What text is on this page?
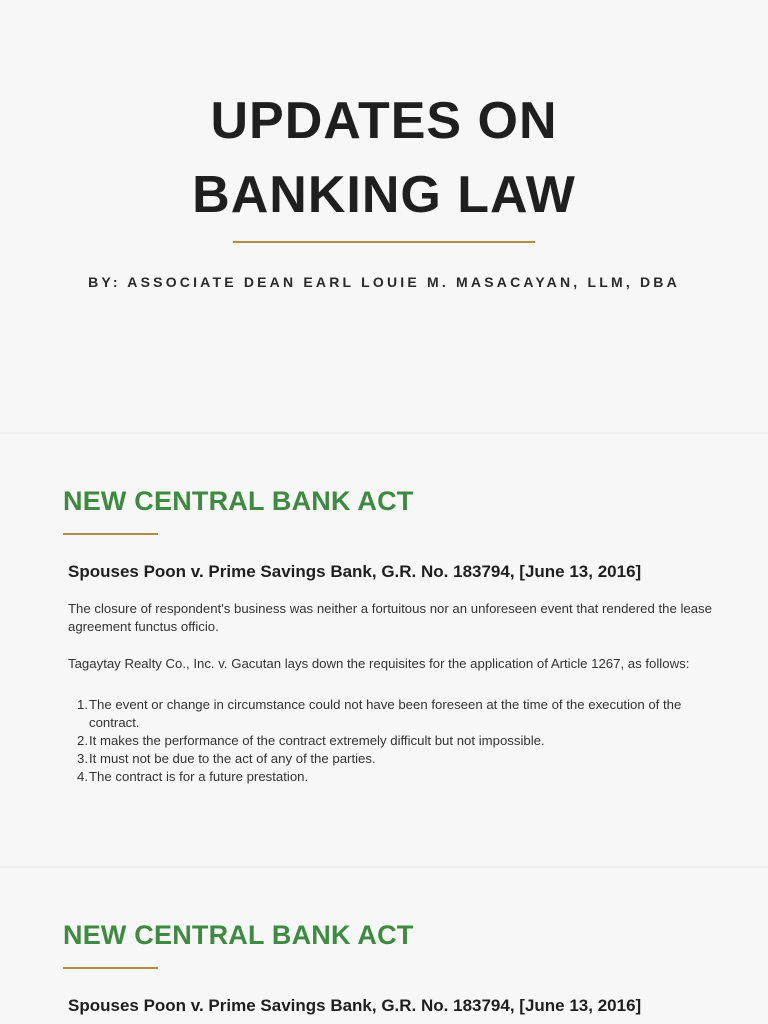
UPDATES ON
BANKING LAW
BY: ASSOCIATE DEAN EARL LOUIE M. MASACAYAN, LLM, DBA
NEW CENTRAL BANK ACT
Spouses Poon v. Prime Savings Bank, G.R. No. 183794, [June 13, 2016]
The closure of respondent's business was neither a fortuitous nor an unforeseen event that rendered the lease agreement functus officio.
Tagaytay Realty Co., Inc. v. Gacutan lays down the requisites for the application of Article 1267, as follows:
1. The event or change in circumstance could not have been foreseen at the time of the execution of the contract.
2. It makes the performance of the contract extremely difficult but not impossible.
3. It must not be due to the act of any of the parties.
4. The contract is for a future prestation.
NEW CENTRAL BANK ACT
Spouses Poon v. Prime Savings Bank, G.R. No. 183794, [June 13, 2016]
